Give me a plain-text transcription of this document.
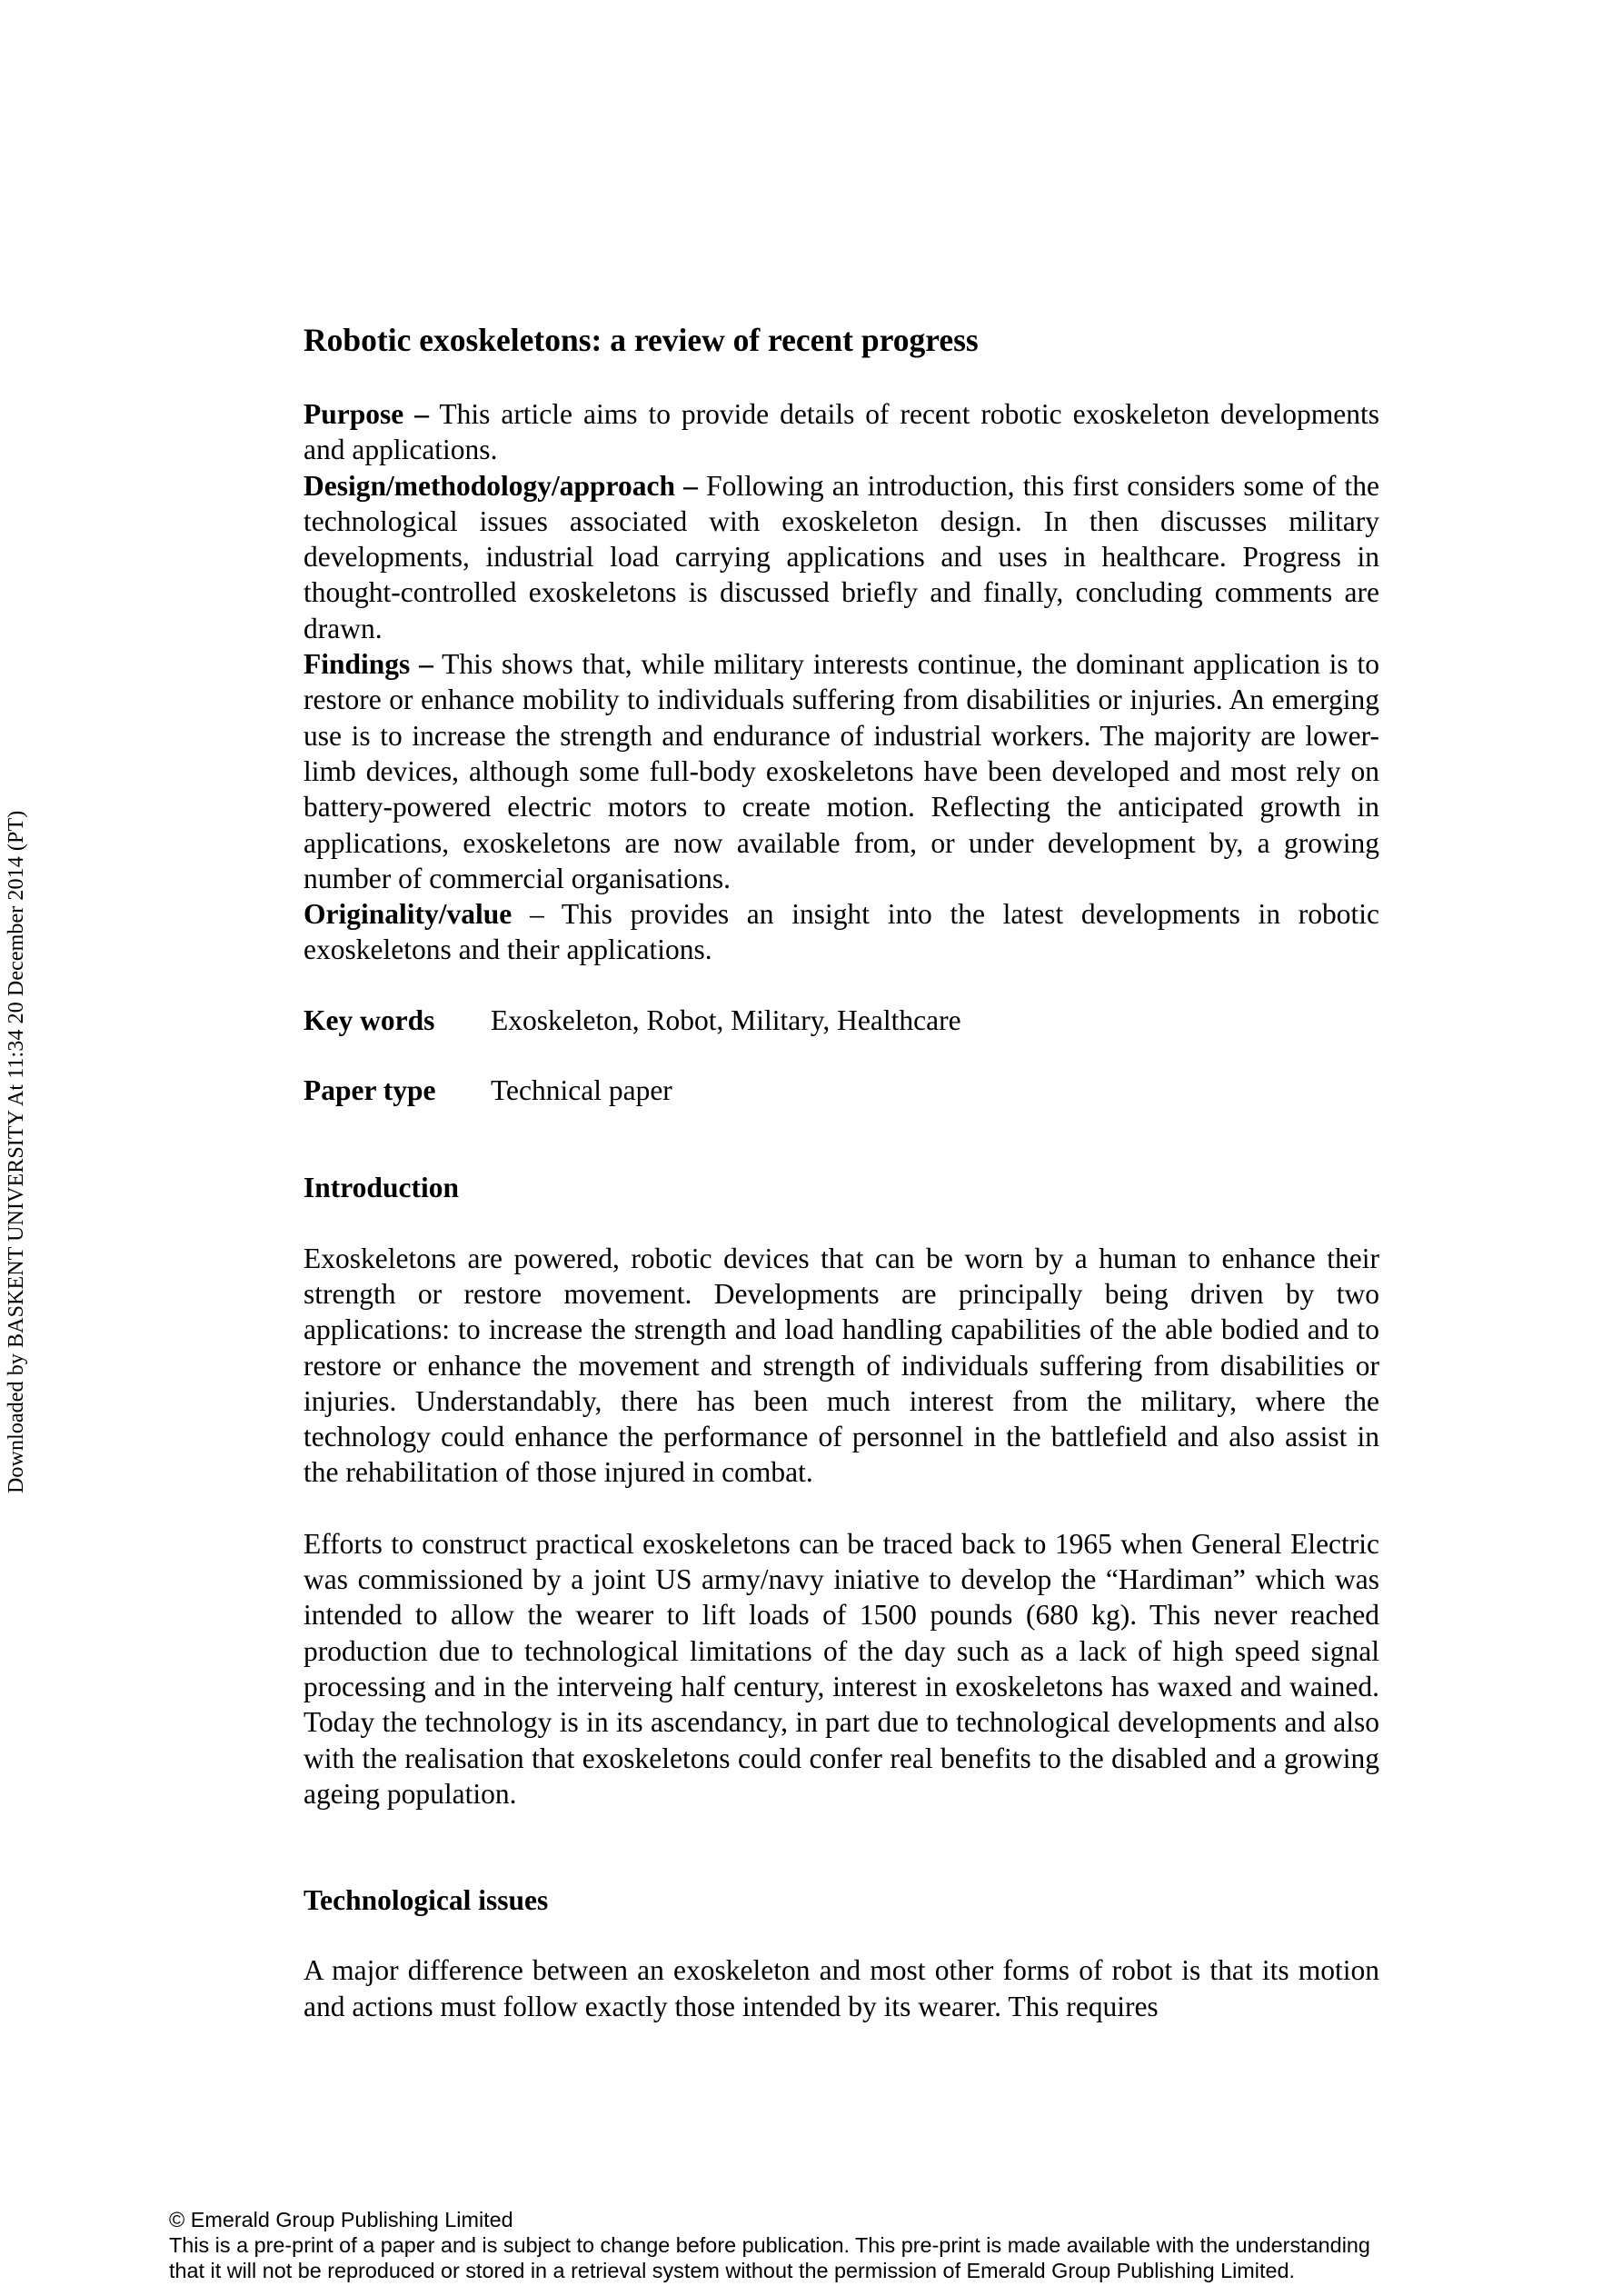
Downloaded by BASKENT UNIVERSITY At 11:34 20 December 2014 (PT)
Robotic exoskeletons: a review of recent progress

Purpose – This article aims to provide details of recent robotic exoskeleton developments and applications.

Design/methodology/approach – Following an introduction, this first considers some of the technological issues associated with exoskeleton design. In then discusses military developments, industrial load carrying applications and uses in healthcare. Progress in thought-controlled exoskeletons is discussed briefly and finally, concluding comments are drawn.

Findings – This shows that, while military interests continue, the dominant application is to restore or enhance mobility to individuals suffering from disabilities or injuries. An emerging use is to increase the strength and endurance of industrial workers. The majority are lower-limb devices, although some full-body exoskeletons have been developed and most rely on battery-powered electric motors to create motion. Reflecting the anticipated growth in applications, exoskeletons are now available from, or under development by, a growing number of commercial organisations.

Originality/value – This provides an insight into the latest developments in robotic exoskeletons and their applications.

Key words	Exoskeleton, Robot, Military, Healthcare
Paper type	Technical paper
Introduction

Exoskeletons are powered, robotic devices that can be worn by a human to enhance their strength or restore movement. Developments are principally being driven by two applications: to increase the strength and load handling capabilities of the able bodied and to restore or enhance the movement and strength of individuals suffering from disabilities or injuries. Understandably, there has been much interest from the military, where the technology could enhance the performance of personnel in the battlefield and also assist in the rehabilitation of those injured in combat.

Efforts to construct practical exoskeletons can be traced back to 1965 when General Electric was commissioned by a joint US army/navy iniative to develop the “Hardiman” which was intended to allow the wearer to lift loads of 1500 pounds (680 kg). This never reached production due to technological limitations of the day such as a lack of high speed signal processing and in the interveing half century, interest in exoskeletons has waxed and wained. Today the technology is in its ascendancy, in part due to technological developments and also with the realisation that exoskeletons could confer real benefits to the disabled and a growing ageing population.

Technological issues

A major difference between an exoskeleton and most other forms of robot is that its motion and actions must follow exactly those intended by its wearer. This requires

© Emerald Group Publishing Limited
This is a pre-print of a paper and is subject to change before publication. This pre-print is made available with the understanding
that it will not be reproduced or stored in a retrieval system without the permission of Emerald Group Publishing Limited.
